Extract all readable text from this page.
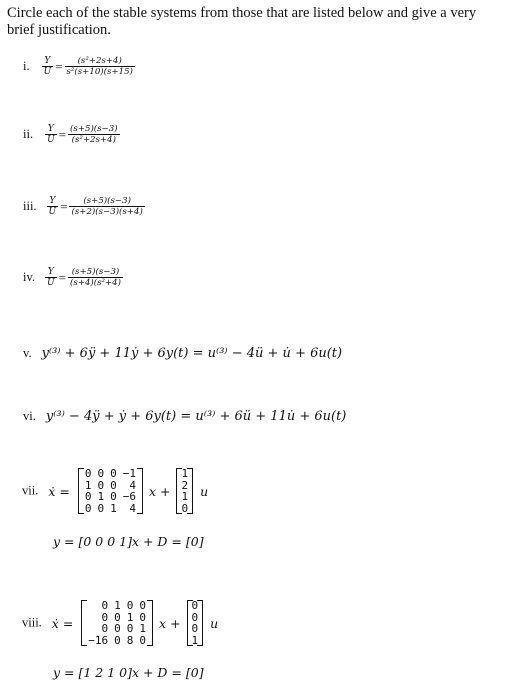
Circle each of the stable systems from those that are listed below and give a very brief justification.
i. $\frac{Y}{U} = \frac{\text{(s²+2s+4)}}{\text{s²(s+10)(s+15)}}$
ii. $\frac{Y}{U} = \frac{(s+5)(s-3)}{\text{(s²+2s+4)}}$
iii. $\frac{Y}{U} = \frac{(s+5)(s-3)}{(s+2)(s-3)(s+4)}$
iv. $\frac{Y}{U} = \frac{(s+5)(s-3)}{\text{(s+4)(s²+4)}}$
v. y⁽³⁾ + 6ÿ + 11ẏ + 6y(t) = u⁽³⁾ − 4ü + u̇ + 6u(t)
vi. y⁽³⁾ − 4ÿ + ẏ + 6y(t) = u⁽³⁾ + 6ü + 11u̇ + 6u(t)
vii. ẋ =
0	0	0	−1
1	0	0	4
0	1	0	−6
0	0	1	4
x +
1
2
1
0
u
y = [0 0 0 1]x + D = [0]
viii. ẋ =
0	1	0	0
0	0	1	0
0	0	0	1
−16	0	8	0
x +
0
0
0
1
u
y = [1 2 1 0]x + D = [0]
